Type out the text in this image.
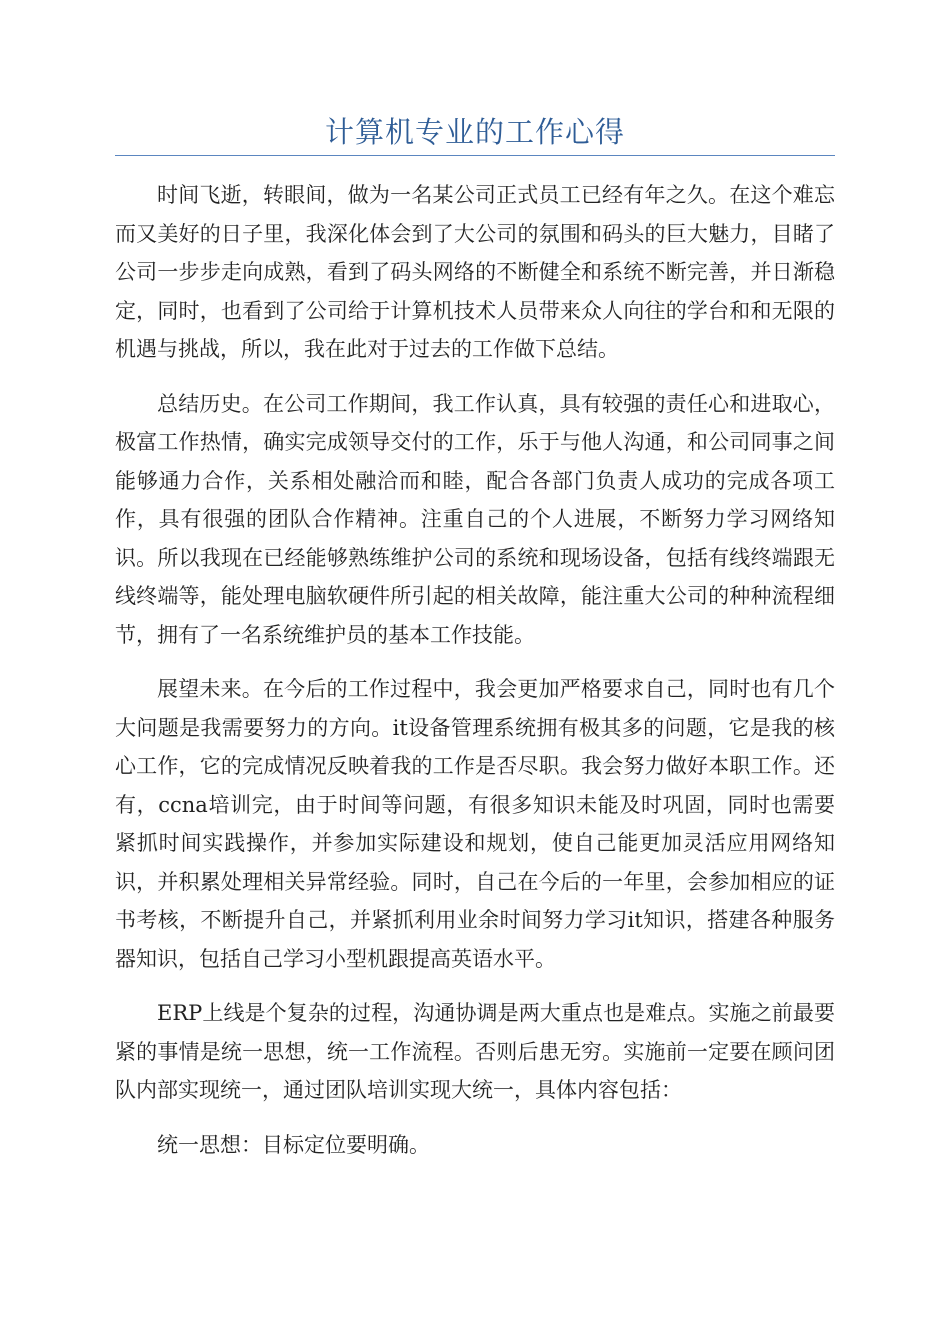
计算机专业的工作心得

时间飞逝，转眼间，做为一名某公司正式员工已经有年之久。在这个难忘而又美好的日子里，我深化体会到了大公司的氛围和码头的巨大魅力，目睹了公司一步步走向成熟，看到了码头网络的不断健全和系统不断完善，并日渐稳定，同时，也看到了公司给于计算机技术人员带来众人向往的学台和和无限的机遇与挑战，所以，我在此对于过去的工作做下总结。

总结历史。在公司工作期间，我工作认真，具有较强的责任心和进取心，极富工作热情，确实完成领导交付的工作，乐于与他人沟通，和公司同事之间能够通力合作，关系相处融洽而和睦，配合各部门负责人成功的完成各项工作，具有很强的团队合作精神。注重自己的个人进展，不断努力学习网络知识。所以我现在已经能够熟练维护公司的系统和现场设备，包括有线终端跟无线终端等，能处理电脑软硬件所引起的相关故障，能注重大公司的种种流程细节，拥有了一名系统维护员的基本工作技能。

展望未来。在今后的工作过程中，我会更加严格要求自己，同时也有几个大问题是我需要努力的方向。it设备管理系统拥有极其多的问题，它是我的核心工作，它的完成情况反映着我的工作是否尽职。我会努力做好本职工作。还有，ccna培训完，由于时间等问题，有很多知识未能及时巩固，同时也需要紧抓时间实践操作，并参加实际建设和规划，使自己能更加灵活应用网络知识，并积累处理相关异常经验。同时，自己在今后的一年里，会参加相应的证书考核，不断提升自己，并紧抓利用业余时间努力学习it知识，搭建各种服务器知识，包括自己学习小型机跟提高英语水平。

ERP上线是个复杂的过程，沟通协调是两大重点也是难点。实施之前最要紧的事情是统一思想，统一工作流程。否则后患无穷。实施前一定要在顾问团队内部实现统一，通过团队培训实现大统一，具体内容包括：

统一思想：目标定位要明确。
